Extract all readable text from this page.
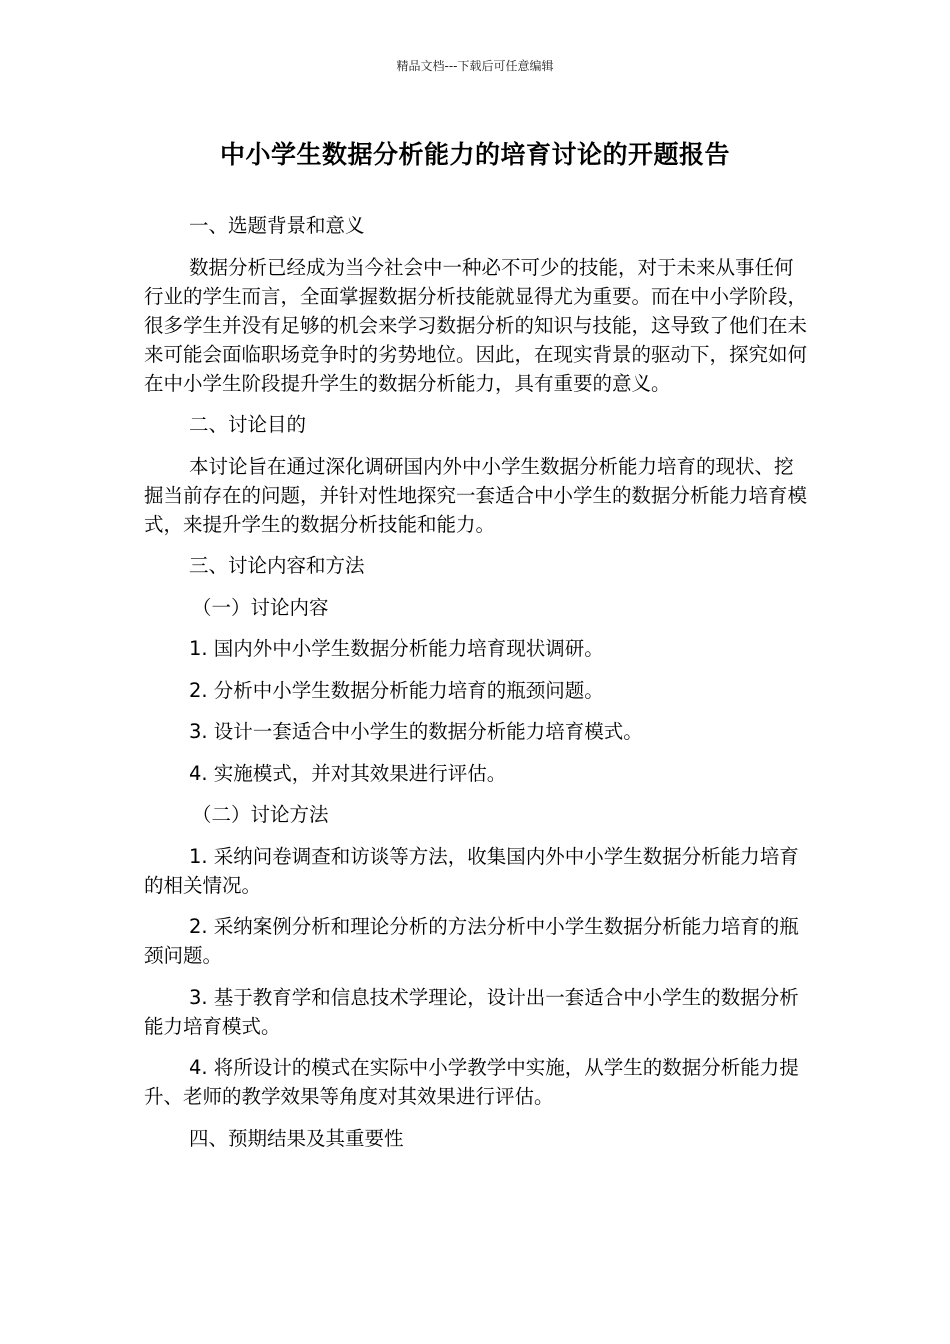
精品文档---下载后可任意编辑
中小学生数据分析能力的培育讨论的开题报告

一、选题背景和意义

数据分析已经成为当今社会中一种必不可少的技能，对于未来从事任何行业的学生而言，全面掌握数据分析技能就显得尤为重要。而在中小学阶段，很多学生并没有足够的机会来学习数据分析的知识与技能，这导致了他们在未来可能会面临职场竞争时的劣势地位。因此，在现实背景的驱动下，探究如何在中小学生阶段提升学生的数据分析能力，具有重要的意义。

二、讨论目的

本讨论旨在通过深化调研国内外中小学生数据分析能力培育的现状、挖掘当前存在的问题，并针对性地探究一套适合中小学生的数据分析能力培育模式，来提升学生的数据分析技能和能力。

三、讨论内容和方法

（一）讨论内容

1. 国内外中小学生数据分析能力培育现状调研。

2. 分析中小学生数据分析能力培育的瓶颈问题。

3. 设计一套适合中小学生的数据分析能力培育模式。

4. 实施模式，并对其效果进行评估。

（二）讨论方法

1. 采纳问卷调查和访谈等方法，收集国内外中小学生数据分析能力培育的相关情况。

2. 采纳案例分析和理论分析的方法分析中小学生数据分析能力培育的瓶颈问题。

3. 基于教育学和信息技术学理论，设计出一套适合中小学生的数据分析能力培育模式。

4. 将所设计的模式在实际中小学教学中实施，从学生的数据分析能力提升、老师的教学效果等角度对其效果进行评估。

四、预期结果及其重要性
